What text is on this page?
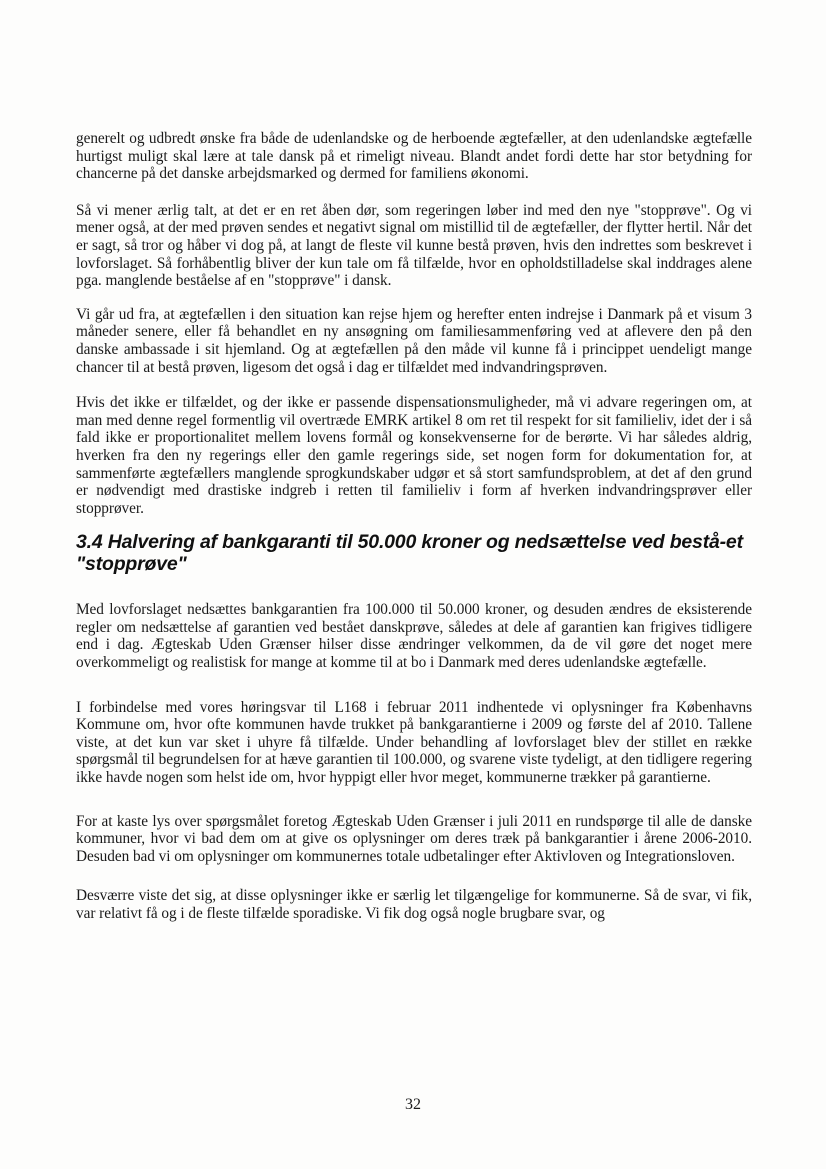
generelt og udbredt ønske fra både de udenlandske og de herboende ægtefæller, at den udenlandske ægtefælle hurtigst muligt skal lære at tale dansk på et rimeligt niveau. Blandt andet fordi dette har stor betydning for chancerne på det danske arbejdsmarked og dermed for familiens økonomi.

Så vi mener ærlig talt, at det er en ret åben dør, som regeringen løber ind med den nye "stopprøve". Og vi mener også, at der med prøven sendes et negativt signal om mistillid til de ægtefæller, der flytter hertil. Når det er sagt, så tror og håber vi dog på, at langt de fleste vil kunne bestå prøven, hvis den indrettes som beskrevet i lovforslaget. Så forhåbentlig bliver der kun tale om få tilfælde, hvor en opholdstilladelse skal inddrages alene pga. manglende beståelse af en "stopprøve" i dansk.

Vi går ud fra, at ægtefællen i den situation kan rejse hjem og herefter enten indrejse i Danmark på et visum 3 måneder senere, eller få behandlet en ny ansøgning om familiesammenføring ved at aflevere den på den danske ambassade i sit hjemland. Og at ægtefællen på den måde vil kunne få i princippet uendeligt mange chancer til at bestå prøven, ligesom det også i dag er tilfældet med indvandringsprøven.

Hvis det ikke er tilfældet, og der ikke er passende dispensationsmuligheder, må vi advare regeringen om, at man med denne regel formentlig vil overtræde EMRK artikel 8 om ret til respekt for sit familieliv, idet der i så fald ikke er proportionalitet mellem lovens formål og konsekvenserne for de berørte. Vi har således aldrig, hverken fra den ny regerings eller den gamle regerings side, set nogen form for dokumentation for, at sammenførte ægtefællers manglende sprogkundskaber udgør et så stort samfundsproblem, at det af den grund er nødvendigt med drastiske indgreb i retten til familieliv i form af hverken indvandringsprøver eller stopprøver.

3.4 Halvering af bankgaranti til 50.000 kroner og nedsættelse ved bestå-et "stopprøve"

Med lovforslaget nedsættes bankgarantien fra 100.000 til 50.000 kroner, og desuden ændres de eksisterende regler om nedsættelse af garantien ved bestået danskprøve, således at dele af garantien kan frigives tidligere end i dag. Ægteskab Uden Grænser hilser disse ændringer velkommen, da de vil gøre det noget mere overkommeligt og realistisk for mange at komme til at bo i Danmark med deres udenlandske ægtefælle.

I forbindelse med vores høringsvar til L168 i februar 2011 indhentede vi oplysninger fra Københavns Kommune om, hvor ofte kommunen havde trukket på bankgarantierne i 2009 og første del af 2010. Tallene viste, at det kun var sket i uhyre få tilfælde. Under behandling af lovforslaget blev der stillet en række spørgsmål til begrundelsen for at hæve garantien til 100.000, og svarene viste tydeligt, at den tidligere regering ikke havde nogen som helst ide om, hvor hyppigt eller hvor meget, kommunerne trækker på garantierne.

For at kaste lys over spørgsmålet foretog Ægteskab Uden Grænser i juli 2011 en rundspørge til alle de danske kommuner, hvor vi bad dem om at give os oplysninger om deres træk på bankgarantier i årene 2006-2010. Desuden bad vi om oplysninger om kommunernes totale udbetalinger efter Aktivloven og Integrationsloven.

Desværre viste det sig, at disse oplysninger ikke er særlig let tilgængelige for kommunerne. Så de svar, vi fik, var relativt få og i de fleste tilfælde sporadiske. Vi fik dog også nogle brugbare svar, og

32
